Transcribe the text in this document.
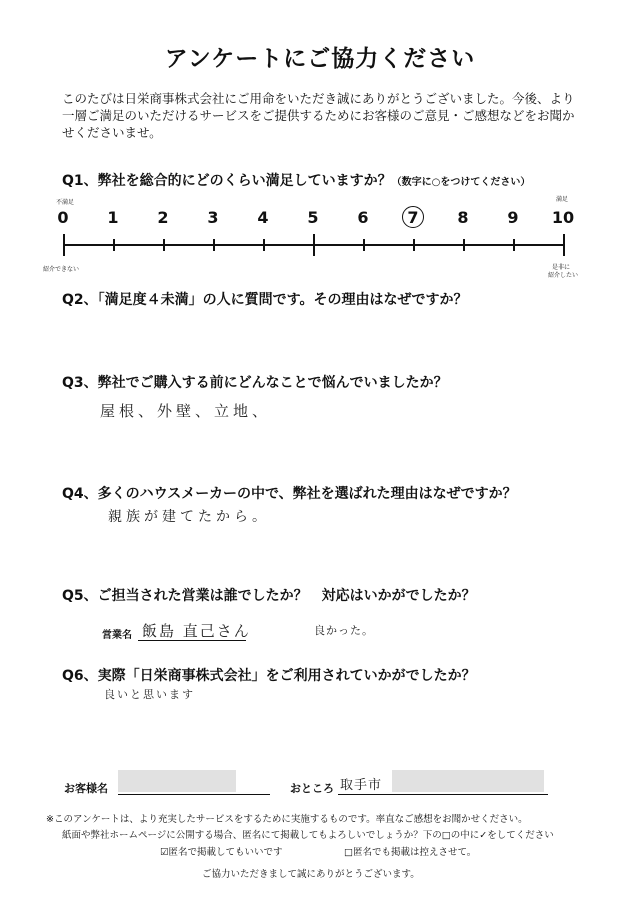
アンケートにご協力ください
このたびは日栄商事株式会社にご用命をいただき誠にありがとうございました。今後、より一層ご満足のいただけるサービスをご提供するためにお客様のご意見・ご感想などをお聞かせくださいませ。
Q1、弊社を総合的にどのくらい満足していますか？（数字に○をつけてください）
不満足	満足
0	1	2	3	4	5	6	7	8	9	10
紹介できない	是非に
紹介したい
Q2、「満足度４未満」の人に質問です。その理由はなぜですか？
Q3、弊社でご購入する前にどんなことで悩んでいましたか？
屋根、外壁、立地、
Q4、多くのハウスメーカーの中で、弊社を選ばれた理由はなぜですか？
親族が建てたから。
Q5、ご担当された営業は誰でしたか？　対応はいかがでしたか？
営業名 飯島 直己さん	良かった。
Q6、実際「日栄商事株式会社」をご利用されていかがでしたか？
良いと思います
お客様名	おところ 取手市
※このアンケートは、より充実したサービスをするために実施するものです。率直なご感想をお聞かせください。
紙面や弊社ホームページに公開する場合、匿名にて掲載してもよろしいでしょうか？下の□の中に✓をしてください
☑匿名で掲載してもいいです	□匿名でも掲載は控えさせて。
ご協力いただきまして誠にありがとうございます。
